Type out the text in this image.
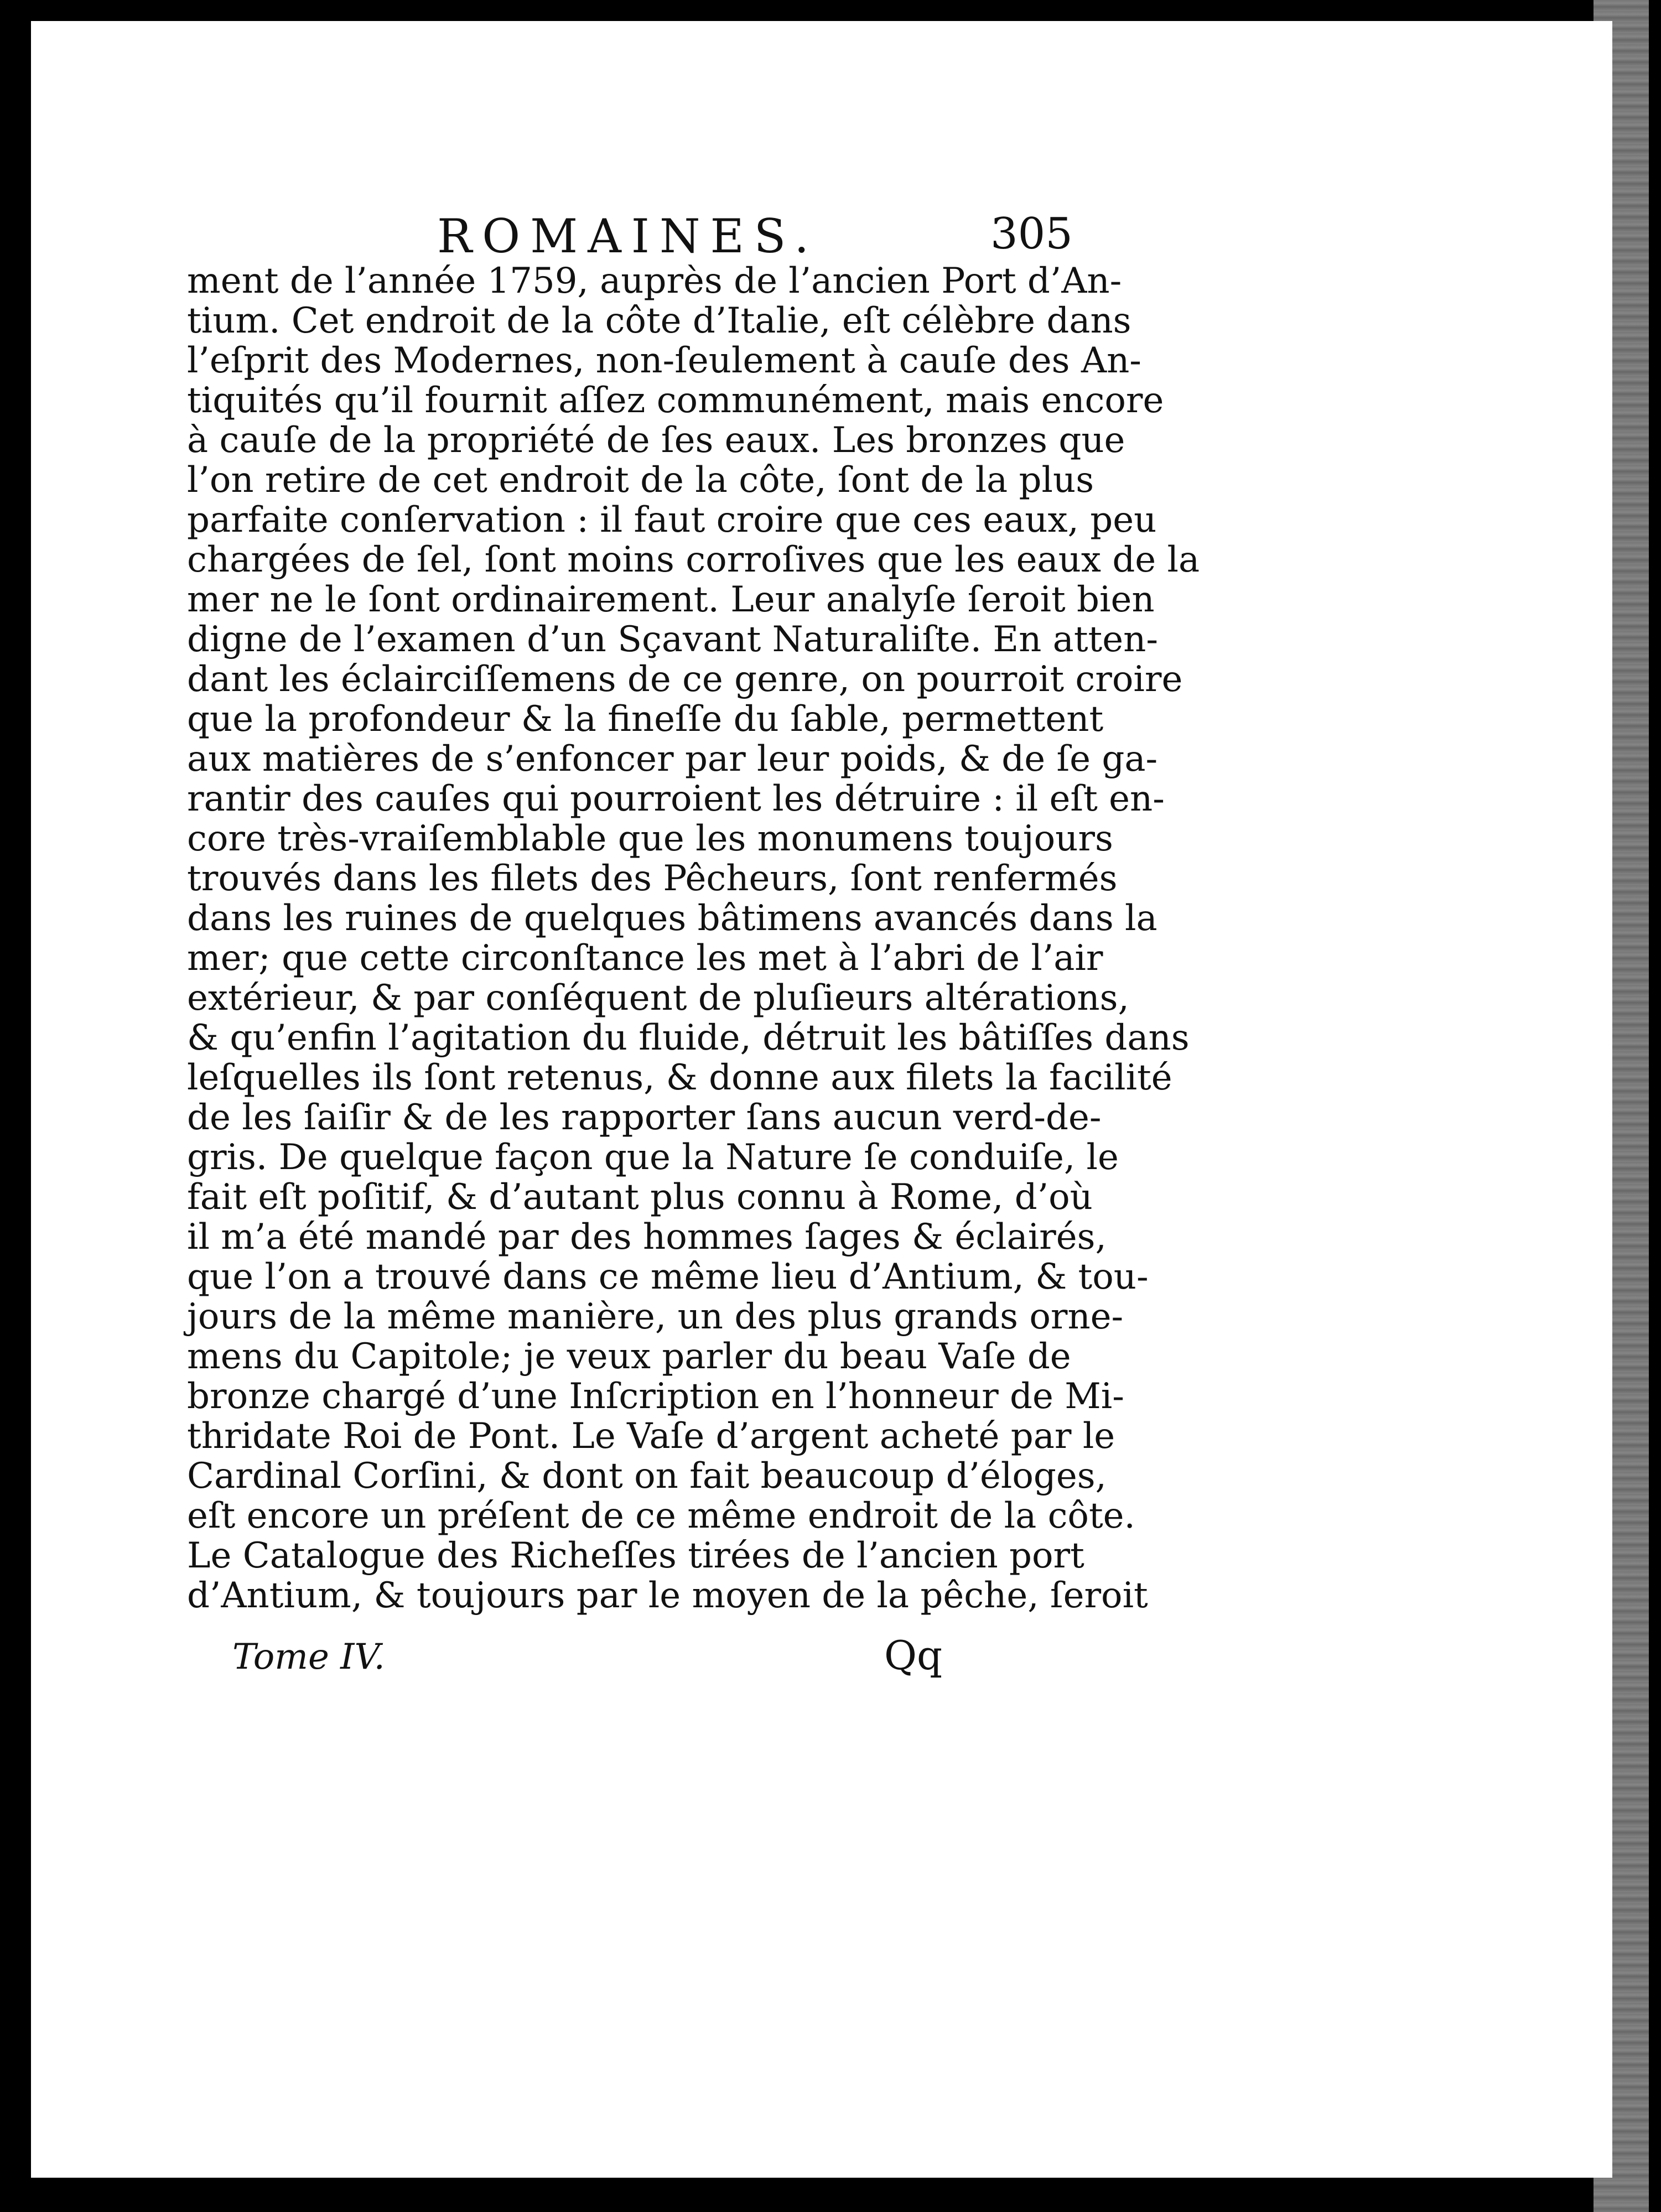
ROMAINES.	305
ment de l’année 1759, auprès de l’ancien Port d’An-
tium. Cet endroit de la côte d’Italie, eſt célèbre dans
l’eſprit des Modernes, non-ſeulement à cauſe des An-
tiquités qu’il fournit aſſez communément, mais encore
à cauſe de la propriété de ſes eaux. Les bronzes que
l’on retire de cet endroit de la côte, ſont de la plus
parfaite conſervation : il faut croire que ces eaux, peu
chargées de ſel, ſont moins corroſives que les eaux de la
mer ne le ſont ordinairement. Leur analyſe ſeroit bien
digne de l’examen d’un Sçavant Naturaliſte. En atten-
dant les éclairciſſemens de ce genre, on pourroit croire
que la profondeur & la fineſſe du ſable, permettent
aux matières de s’enfoncer par leur poids, & de ſe ga-
rantir des cauſes qui pourroient les détruire : il eſt en-
core très-vraiſemblable que les monumens toujours
trouvés dans les filets des Pêcheurs, ſont renfermés
dans les ruines de quelques bâtimens avancés dans la
mer; que cette circonſtance les met à l’abri de l’air
extérieur, & par conſéquent de pluſieurs altérations,
& qu’enfin l’agitation du fluide, détruit les bâtiſſes dans
leſquelles ils ſont retenus, & donne aux filets la facilité
de les ſaiſir & de les rapporter ſans aucun verd-de-
gris. De quelque façon que la Nature ſe conduiſe, le
fait eſt poſitif, & d’autant plus connu à Rome, d’où
il m’a été mandé par des hommes ſages & éclairés,
que l’on a trouvé dans ce même lieu d’Antium, & tou-
jours de la même manière, un des plus grands orne-
mens du Capitole; je veux parler du beau Vaſe de
bronze chargé d’une Inſcription en l’honneur de Mi-
thridate Roi de Pont. Le Vaſe d’argent acheté par le
Cardinal Corſini, & dont on fait beaucoup d’éloges,
eſt encore un préſent de ce même endroit de la côte.
Le Catalogue des Richeſſes tirées de l’ancien port
d’Antium, & toujours par le moyen de la pêche, ſeroit
Tome IV.	Qq
